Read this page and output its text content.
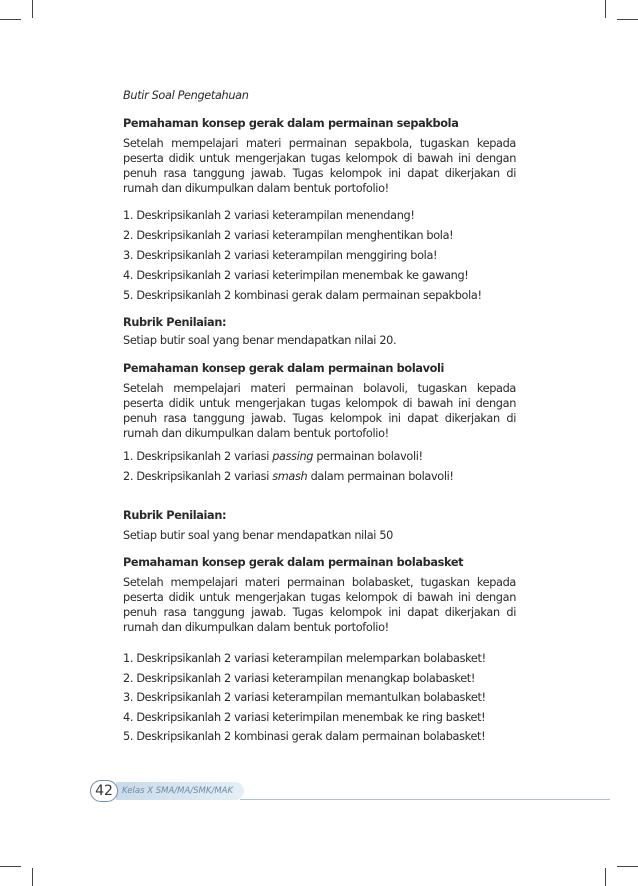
Butir Soal Pengetahuan

Pemahaman konsep gerak dalam permainan sepakbola

Setelah mempelajari materi permainan sepakbola, tugaskan kepada peserta didik untuk mengerjakan tugas kelompok di bawah ini dengan penuh rasa tanggung jawab. Tugas kelompok ini dapat dikerjakan di rumah dan dikumpulkan dalam bentuk portofolio!

1. Deskripsikanlah 2 variasi keterampilan menendang!
2. Deskripsikanlah 2 variasi keterampilan menghentikan bola!
3. Deskripsikanlah 2 variasi keterampilan menggiring bola!
4. Deskripsikanlah 2 variasi keterimpilan menembak ke gawang!
5. Deskripsikanlah 2 kombinasi gerak dalam permainan sepakbola!

Rubrik Penilaian:

Setiap butir soal yang benar mendapatkan nilai 20.

Pemahaman konsep gerak dalam permainan bolavoli

Setelah mempelajari materi permainan bolavoli, tugaskan kepada peserta didik untuk mengerjakan tugas kelompok di bawah ini dengan penuh rasa tanggung jawab. Tugas kelompok ini dapat dikerjakan di rumah dan dikumpulkan dalam bentuk portofolio!

1. Deskripsikanlah 2 variasi passing permainan bolavoli!
2. Deskripsikanlah 2 variasi smash dalam permainan bolavoli!

Rubrik Penilaian:

Setiap butir soal yang benar mendapatkan nilai 50

Pemahaman konsep gerak dalam permainan bolabasket

Setelah mempelajari materi permainan bolabasket, tugaskan kepada peserta didik untuk mengerjakan tugas kelompok di bawah ini dengan penuh rasa tanggung jawab. Tugas kelompok ini dapat dikerjakan di rumah dan dikumpulkan dalam bentuk portofolio!

1. Deskripsikanlah 2 variasi keterampilan melemparkan bolabasket!
2. Deskripsikanlah 2 variasi keterampilan menangkap bolabasket!
3. Deskripsikanlah 2 variasi keterampilan memantulkan bolabasket!
4. Deskripsikanlah 2 variasi keterimpilan menembak ke ring basket!
5. Deskripsikanlah 2 kombinasi gerak dalam permainan bolabasket!
42	Kelas X SMA/MA/SMK/MAK
